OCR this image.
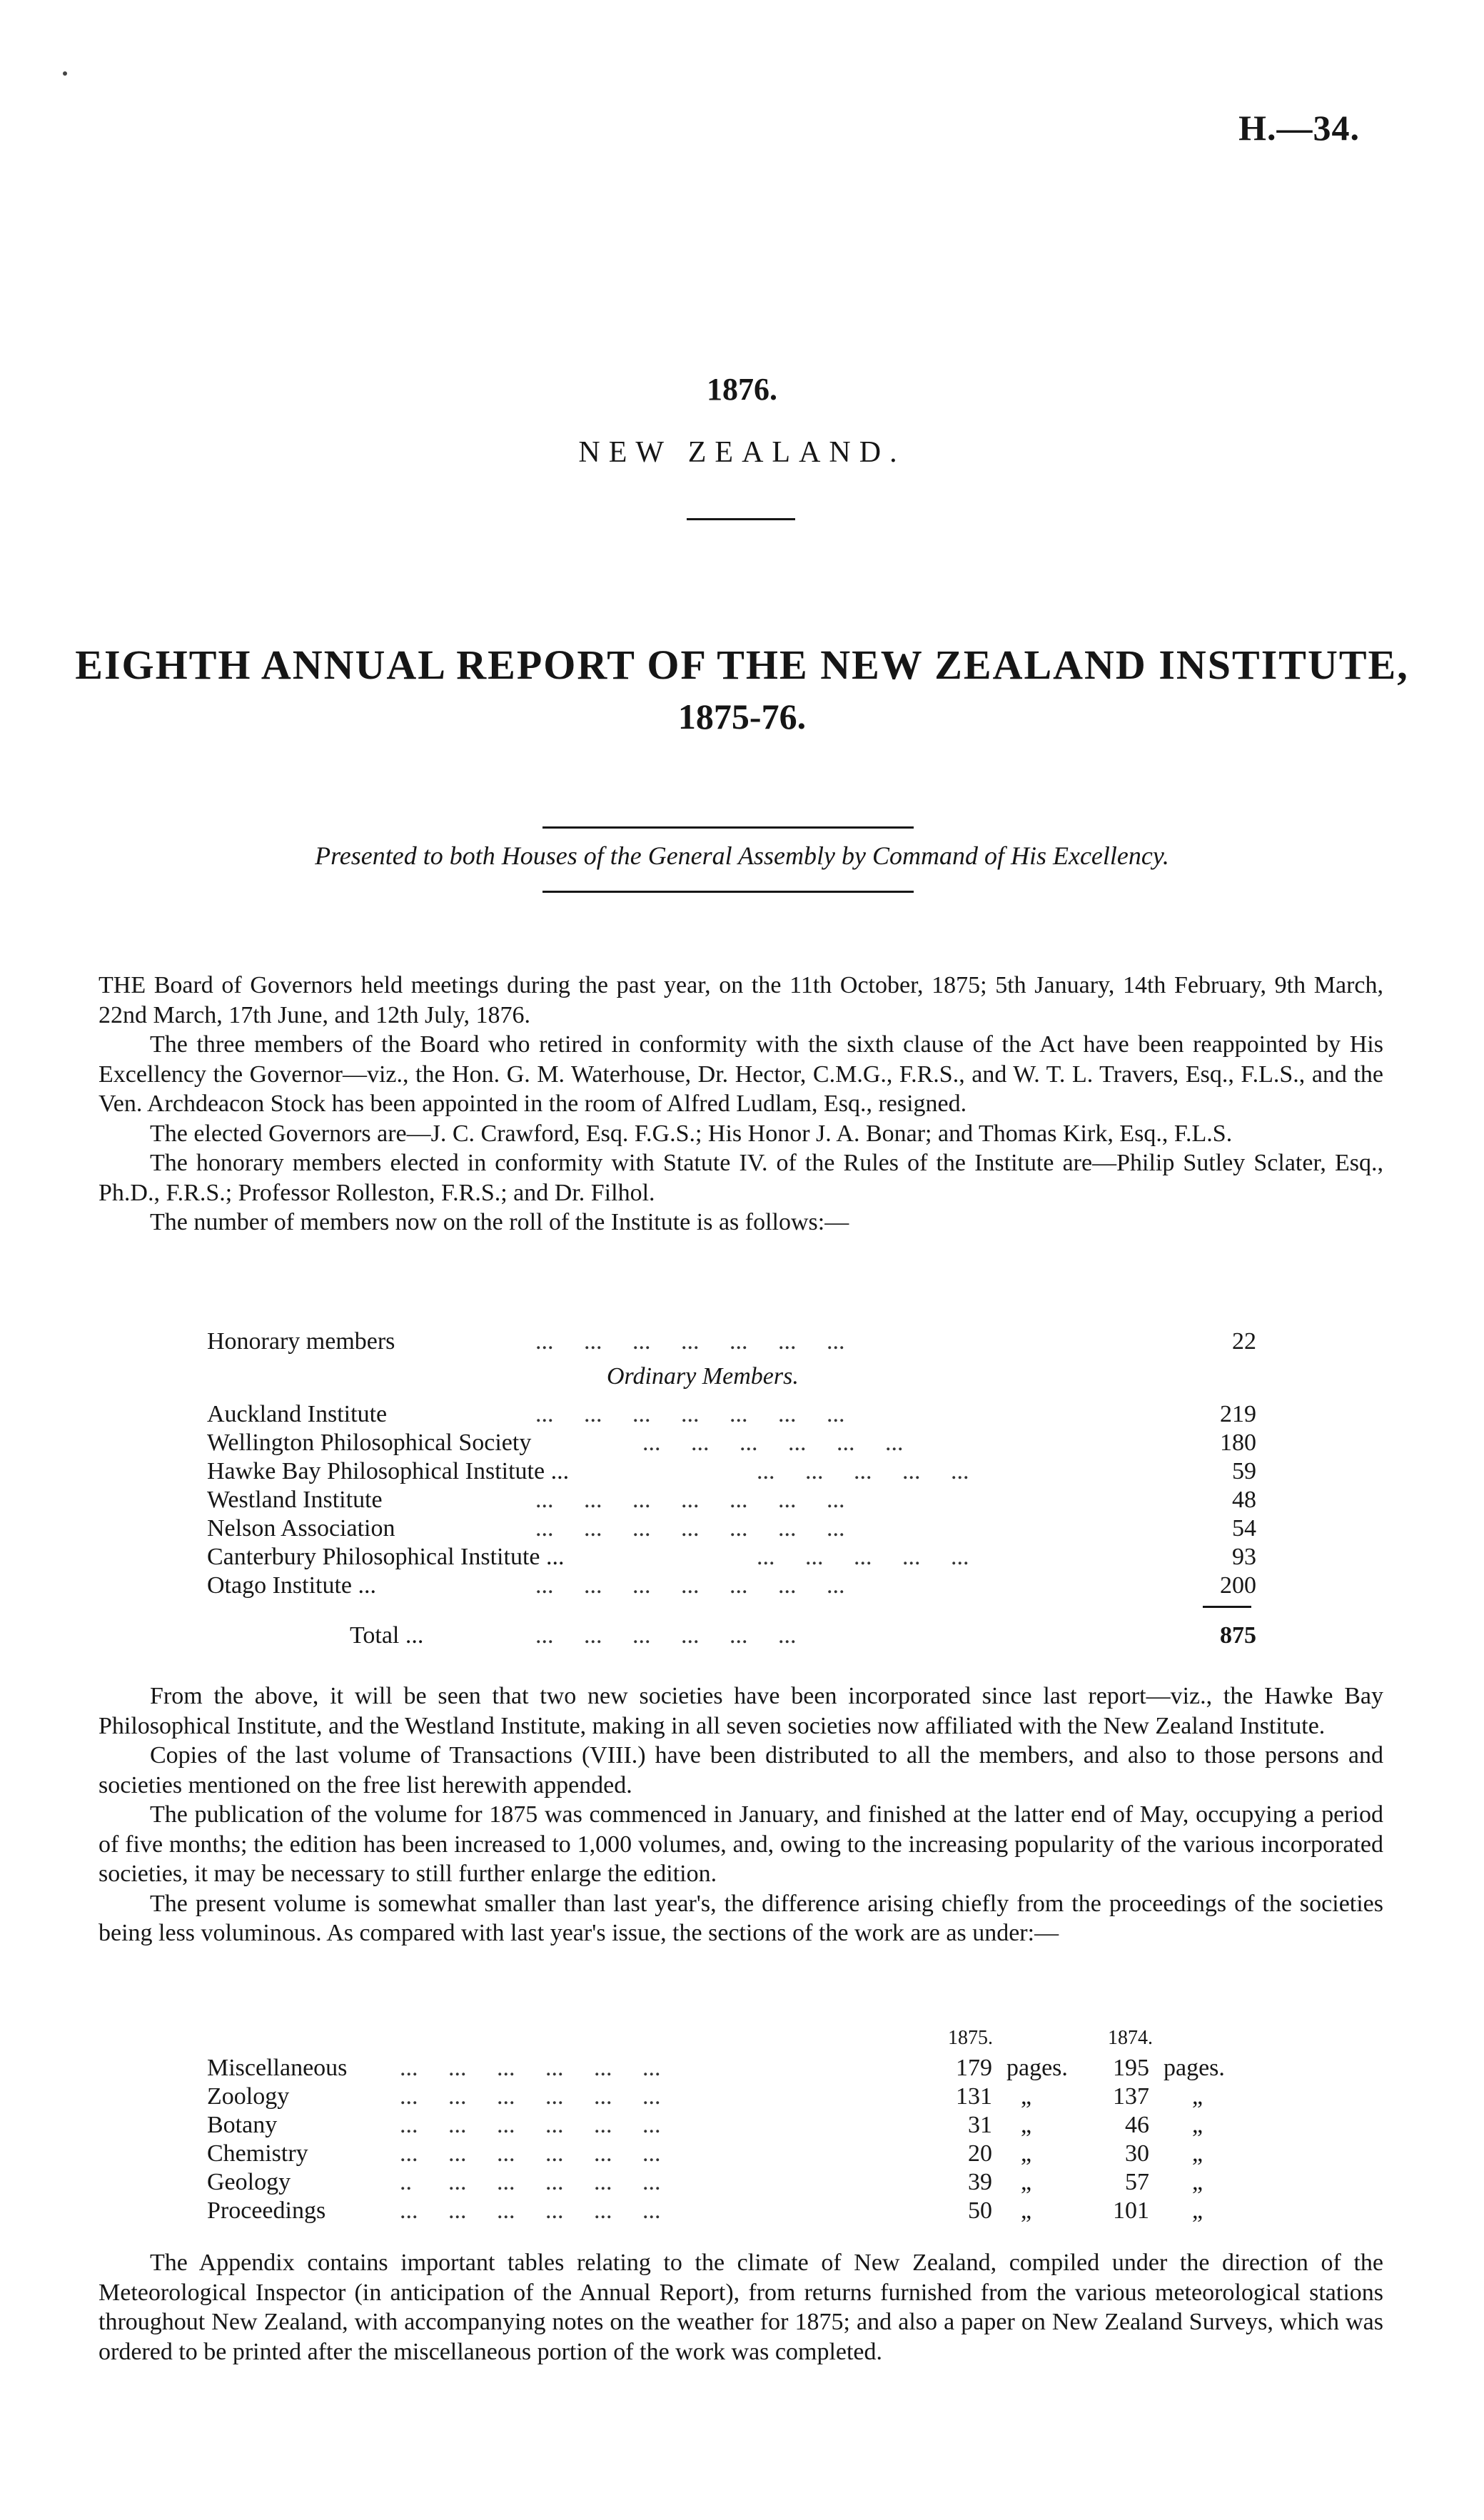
H.—34.
1876.
NEW ZEALAND.
EIGHTH ANNUAL REPORT OF THE NEW ZEALAND INSTITUTE,
1875-76.
Presented to both Houses of the General Assembly by Command of His Excellency.

THE Board of Governors held meetings during the past year, on the 11th October, 1875; 5th January, 14th February, 9th March, 22nd March, 17th June, and 12th July, 1876.

The three members of the Board who retired in conformity with the sixth clause of the Act have been reappointed by His Excellency the Governor—viz., the Hon. G. M. Waterhouse, Dr. Hector, C.M.G., F.R.S., and W. T. L. Travers, Esq., F.L.S., and the Ven. Archdeacon Stock has been appointed in the room of Alfred Ludlam, Esq., resigned.

The elected Governors are—J. C. Crawford, Esq. F.G.S.; His Honor J. A. Bonar; and Thomas Kirk, Esq., F.L.S.

The honorary members elected in conformity with Statute IV. of the Rules of the Institute are—Philip Sutley Sclater, Esq., Ph.D., F.R.S.; Professor Rolleston, F.R.S.; and Dr. Filhol.

The number of members now on the roll of the Institute is as follows:—

Honorary members	...     ...     ...     ...     ...     ...     ...	22
Ordinary Members.
Auckland Institute	...     ...     ...     ...     ...     ...     ...	219
Wellington Philosophical Society	...     ...     ...     ...     ...     ...	180
Hawke Bay Philosophical Institute ...	...     ...     ...     ...     ...	59
Westland Institute	...     ...     ...     ...     ...     ...     ...	48
Nelson Association	...     ...     ...     ...     ...     ...     ...	54
Canterbury Philosophical Institute ...	...     ...     ...     ...     ...	93
Otago Institute ...	...     ...     ...     ...     ...     ...     ...	200
Total ...	...     ...     ...     ...     ...     ...	875

From the above, it will be seen that two new societies have been incorporated since last report—viz., the Hawke Bay Philosophical Institute, and the Westland Institute, making in all seven societies now affiliated with the New Zealand Institute.

Copies of the last volume of Transactions (VIII.) have been distributed to all the members, and also to those persons and societies mentioned on the free list herewith appended.

The publication of the volume for 1875 was commenced in January, and finished at the latter end of May, occupying a period of five months; the edition has been increased to 1,000 volumes, and, owing to the increasing popularity of the various incorporated societies, it may be necessary to still further enlarge the edition.

The present volume is somewhat smaller than last year's, the difference arising chiefly from the proceedings of the societies being less voluminous. As compared with last year's issue, the sections of the work are as under:—

1875.	1874.
Miscellaneous ...     ...     ...     ...     ...     ...	179 pages.	195 pages.
Zoology	...     ...     ...     ...     ...     ...	131 „	137 „
Botany	...     ...     ...     ...     ...     ...	31 „	46 „
Chemistry	...     ...     ...     ...     ...     ...	20 „	30 „
Geology	..      ...     ...     ...     ...     ...	39 „	57 „
Proceedings	...     ...     ...     ...     ...     ...	50 „	101 „

The Appendix contains important tables relating to the climate of New Zealand, compiled under the direction of the Meteorological Inspector (in anticipation of the Annual Report), from returns furnished from the various meteorological stations throughout New Zealand, with accompanying notes on the weather for 1875; and also a paper on New Zealand Surveys, which was ordered to be printed after the miscellaneous portion of the work was completed.
